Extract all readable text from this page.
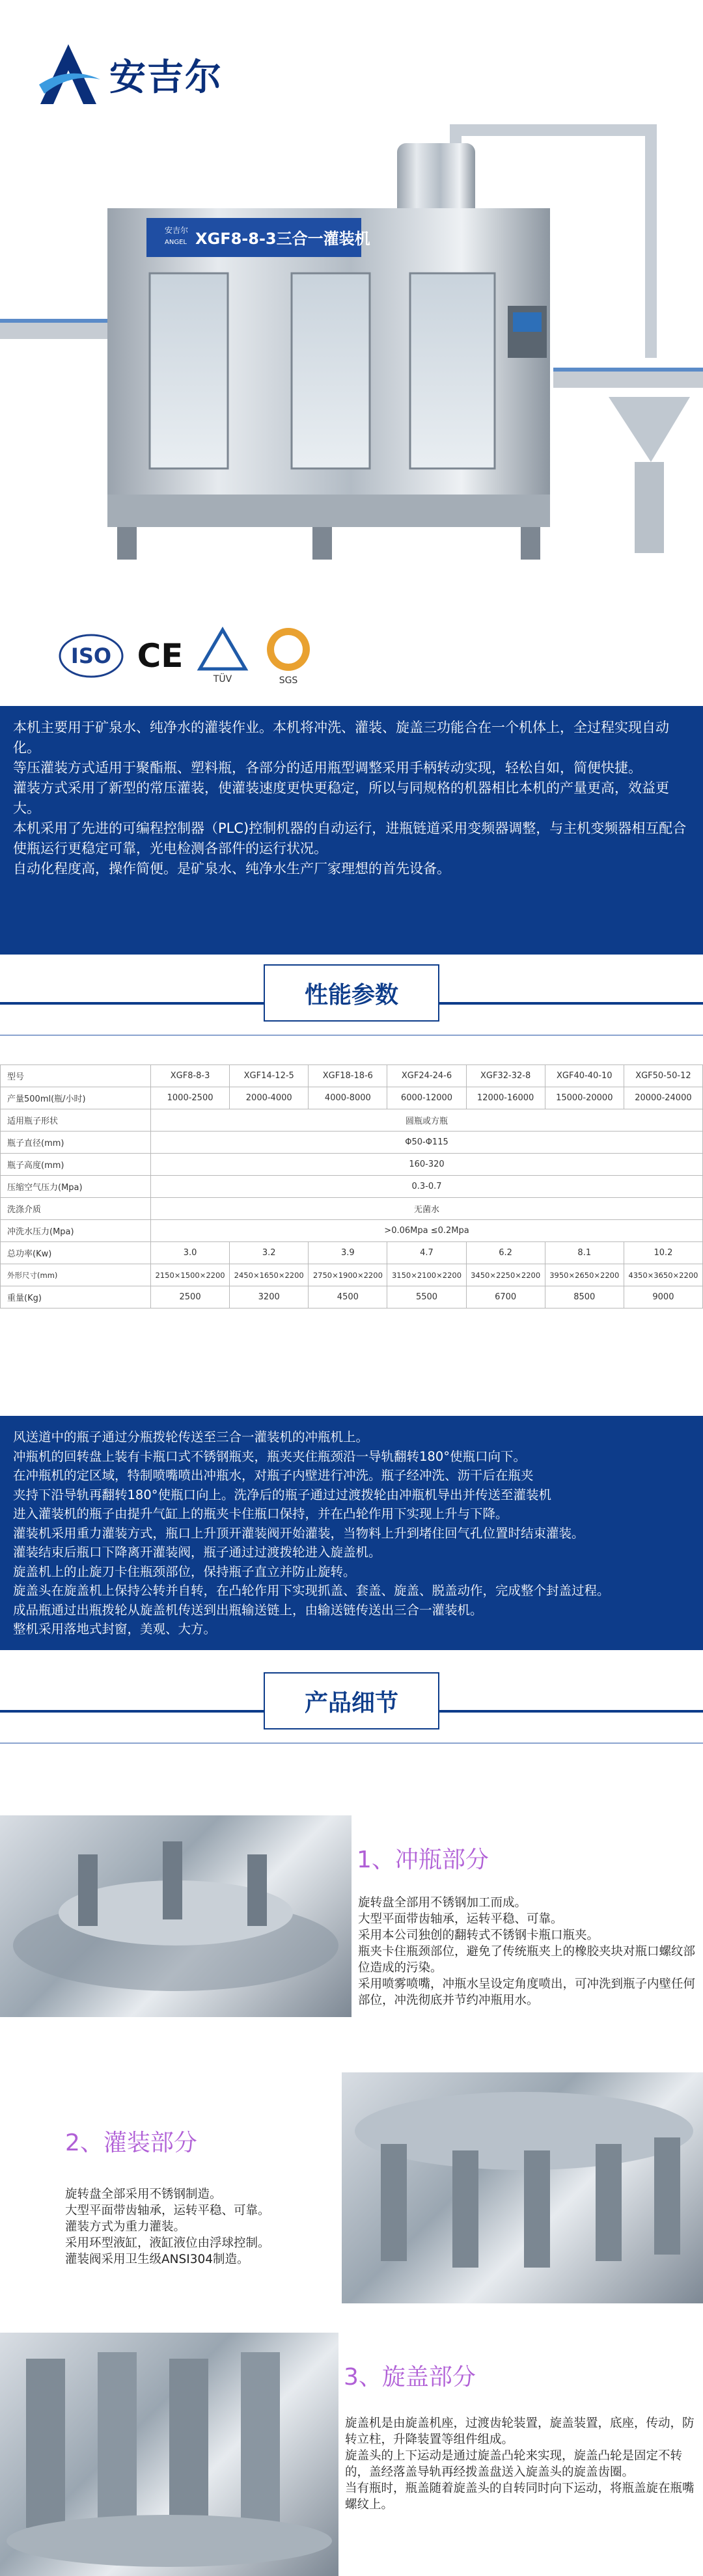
安吉尔
安吉尔
ANGEL XGF8-8-3三合一灌装机
ISO CE
TÜV	SGS

本机主要用于矿泉水、纯净水的灌装作业。本机将冲洗、灌装、旋盖三功能合在一个机体上，全过程实现自动化。

等压灌装方式适用于聚酯瓶、塑料瓶，各部分的适用瓶型调整采用手柄转动实现，轻松自如，简便快捷。

灌装方式采用了新型的常压灌装，使灌装速度更快更稳定，所以与同规格的机器相比本机的产量更高，效益更大。

本机采用了先进的可编程控制器（PLC)控制机器的自动运行，进瓶链道采用变频器调整，与主机变频器相互配合使瓶运行更稳定可靠，光电检测各部件的运行状况。

自动化程度高，操作简便。是矿泉水、纯净水生产厂家理想的首先设备。

性能参数
型号	XGF8-8-3	XGF14-12-5	XGF18-18-6	XGF24-24-6	XGF32-32-8	XGF40-40-10	XGF50-50-12
产量500ml(瓶/小时)	1000-2500	2000-4000	4000-8000	6000-12000	12000-16000	15000-20000	20000-24000
适用瓶子形状	圆瓶或方瓶						
瓶子直径(mm)	Φ50-Φ115						
瓶子高度(mm)	160-320						
压缩空气压力(Mpa)	0.3-0.7						
洗涤介质	无菌水						
冲洗水压力(Mpa)	>0.06Mpa ≤0.2Mpa						
总功率(Kw)	3.0	3.2	3.9	4.7	6.2	8.1	10.2
外形尺寸(mm)	2150×1500×2200	2450×1650×2200	2750×1900×2200	3150×2100×2200	3450×2250×2200	3950×2650×2200	4350×3650×2200
重量(Kg)	2500	3200	4500	5500	6700	8500	9000

风送道中的瓶子通过分瓶拨轮传送至三合一灌装机的冲瓶机上。

冲瓶机的回转盘上装有卡瓶口式不锈钢瓶夹，瓶夹夹住瓶颈沿一导轨翻转180°使瓶口向下。

在冲瓶机的定区域，特制喷嘴喷出冲瓶水，对瓶子内壁进行冲洗。瓶子经冲洗、沥干后在瓶夹

夹持下沿导轨再翻转180°使瓶口向上。洗净后的瓶子通过过渡拨轮由冲瓶机导出并传送至灌装机

进入灌装机的瓶子由提升气缸上的瓶夹卡住瓶口保持，并在凸轮作用下实现上升与下降。

灌装机采用重力灌装方式，瓶口上升顶开灌装阀开始灌装，当物料上升到堵住回气孔位置时结束灌装。

灌装结束后瓶口下降离开灌装阀，瓶子通过过渡拨轮进入旋盖机。

旋盖机上的止旋刀卡住瓶颈部位，保持瓶子直立并防止旋转。

旋盖头在旋盖机上保持公转并自转，在凸轮作用下实现抓盖、套盖、旋盖、脱盖动作，完成整个封盖过程。

成品瓶通过出瓶拨轮从旋盖机传送到出瓶输送链上，由输送链传送出三合一灌装机。

整机采用落地式封窗，美观、大方。

产品细节
1、冲瓶部分

旋转盘全部用不锈钢加工而成。

大型平面带齿轴承，运转平稳、可靠。

采用本公司独创的翻转式不锈钢卡瓶口瓶夹。

瓶夹卡住瓶颈部位，避免了传统瓶夹上的橡胶夹块对瓶口螺纹部位造成的污染。

采用喷雾喷嘴，冲瓶水呈设定角度喷出，可冲洗到瓶子内壁任何部位，冲洗彻底并节约冲瓶用水。

2、灌装部分

旋转盘全部采用不锈钢制造。

大型平面带齿轴承，运转平稳、可靠。

灌装方式为重力灌装。

采用环型液缸，液缸液位由浮球控制。

灌装阀采用卫生级ANSI304制造。

3、旋盖部分

旋盖机是由旋盖机座，过渡齿轮装置，旋盖装置，底座，传动，防转立柱，升降装置等组件组成。

旋盖头的上下运动是通过旋盖凸轮来实现，旋盖凸轮是固定不转的，盖经落盖导轨再经拨盖盘送入旋盖头的旋盖齿圈。

当有瓶时，瓶盖随着旋盖头的自转同时向下运动，将瓶盖旋在瓶嘴螺纹上。
